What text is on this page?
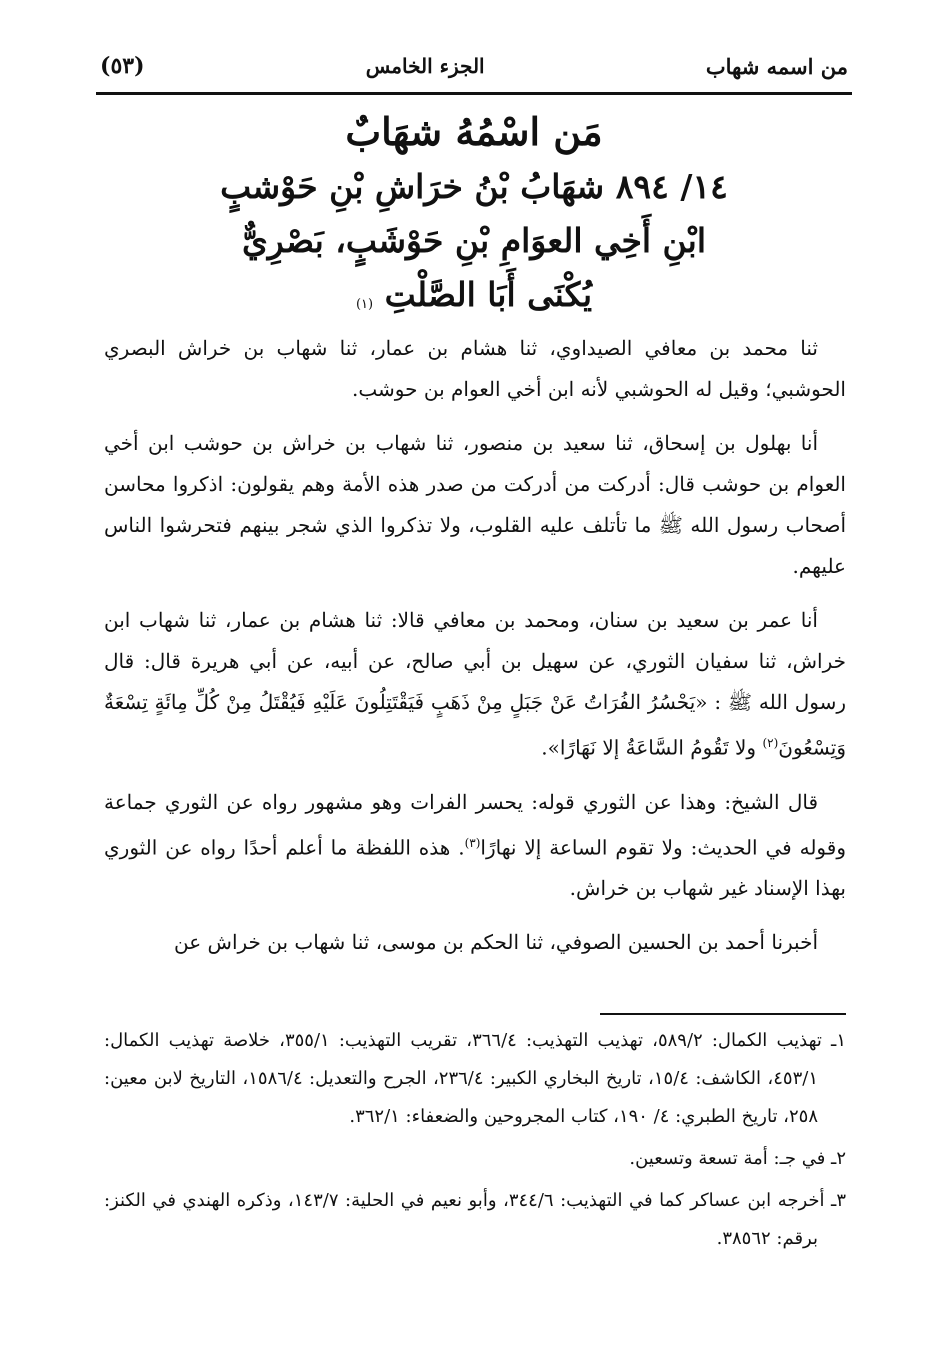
من اسمه شهاب
الجزء الخامس
(٥٣)

مَن اسْمُهُ شهَابٌ

١٤/ ٨٩٤ شهَابُ بْنُ خرَاشِ بْنِ حَوْشبٍ

ابْنِ أَخِي العوَامِ بْنِ حَوْشَبٍ، بَصْرِيٌّ

يُكْنَى أَبَا الصَّلْتِ $^{(١)}$

ثنا محمد بن معافي الصيداوي، ثنا هشام بن عمار، ثنا شهاب بن خراش البصري الحوشبي؛ وقيل له الحوشبي لأنه ابن أخي العوام بن حوشب.

أنا بهلول بن إسحاق، ثنا سعيد بن منصور، ثنا شهاب بن خراش بن حوشب ابن أخي العوام بن حوشب قال: أدركت من أدركت من صدر هذه الأمة وهم يقولون: اذكروا محاسن أصحاب رسول الله ﷺ ما تأتلف عليه القلوب، ولا تذكروا الذي شجر بينهم فتحرشوا الناس عليهم.

أنا عمر بن سعيد بن سنان، ومحمد بن معافي قالا: ثنا هشام بن عمار، ثنا شهاب ابن خراش، ثنا سفيان الثوري، عن سهيل بن أبي صالح، عن أبيه، عن أبي هريرة قال: قال رسول الله ﷺ : «يَحْسُرُ الفُرَاتُ عَنْ جَبَلٍ مِنْ ذَهَبٍ فَيَقْتَتِلُونَ عَلَيْهِ فَيُقْتَلُ مِنْ كُلِّ مِائَةٍ تِسْعَةٌ وَتِسْعُونَ$^{(٢)}$ ولا تَقُومُ السَّاعَةُ إلا نَهَارًا».

قال الشيخ: وهذا عن الثوري قوله: يحسر الفرات وهو مشهور رواه عن الثوري جماعة وقوله في الحديث: ولا تقوم الساعة إلا نهارًا$^{(٣)}$. هذه اللفظة ما أعلم أحدًا رواه عن الثوري بهذا الإسناد غير شهاب بن خراش.

أخبرنا أحمد بن الحسين الصوفي، ثنا الحكم بن موسى، ثنا شهاب بن خراش عن

١ـ تهذيب الكمال: ٥٨٩/٢، تهذيب التهذيب: ٣٦٦/٤، تقريب التهذيب: ٣٥٥/١، خلاصة تهذيب الكمال: ٤٥٣/١، الكاشف: ١٥/٤، تاريخ البخاري الكبير: ٢٣٦/٤، الجرح والتعديل: ١٥٨٦/٤، التاريخ لابن معين: ٢٥٨، تاريخ الطبري: ٤/ ١٩٠، كتاب المجروحين والضعفاء: ٣٦٢/١.

٢ـ في جـ: أمة تسعة وتسعين.

٣ـ أخرجه ابن عساكر كما في التهذيب: ٣٤٤/٦، وأبو نعيم في الحلية: ١٤٣/٧، وذكره الهندي في الكنز: برقم: ٣٨٥٦٢.
